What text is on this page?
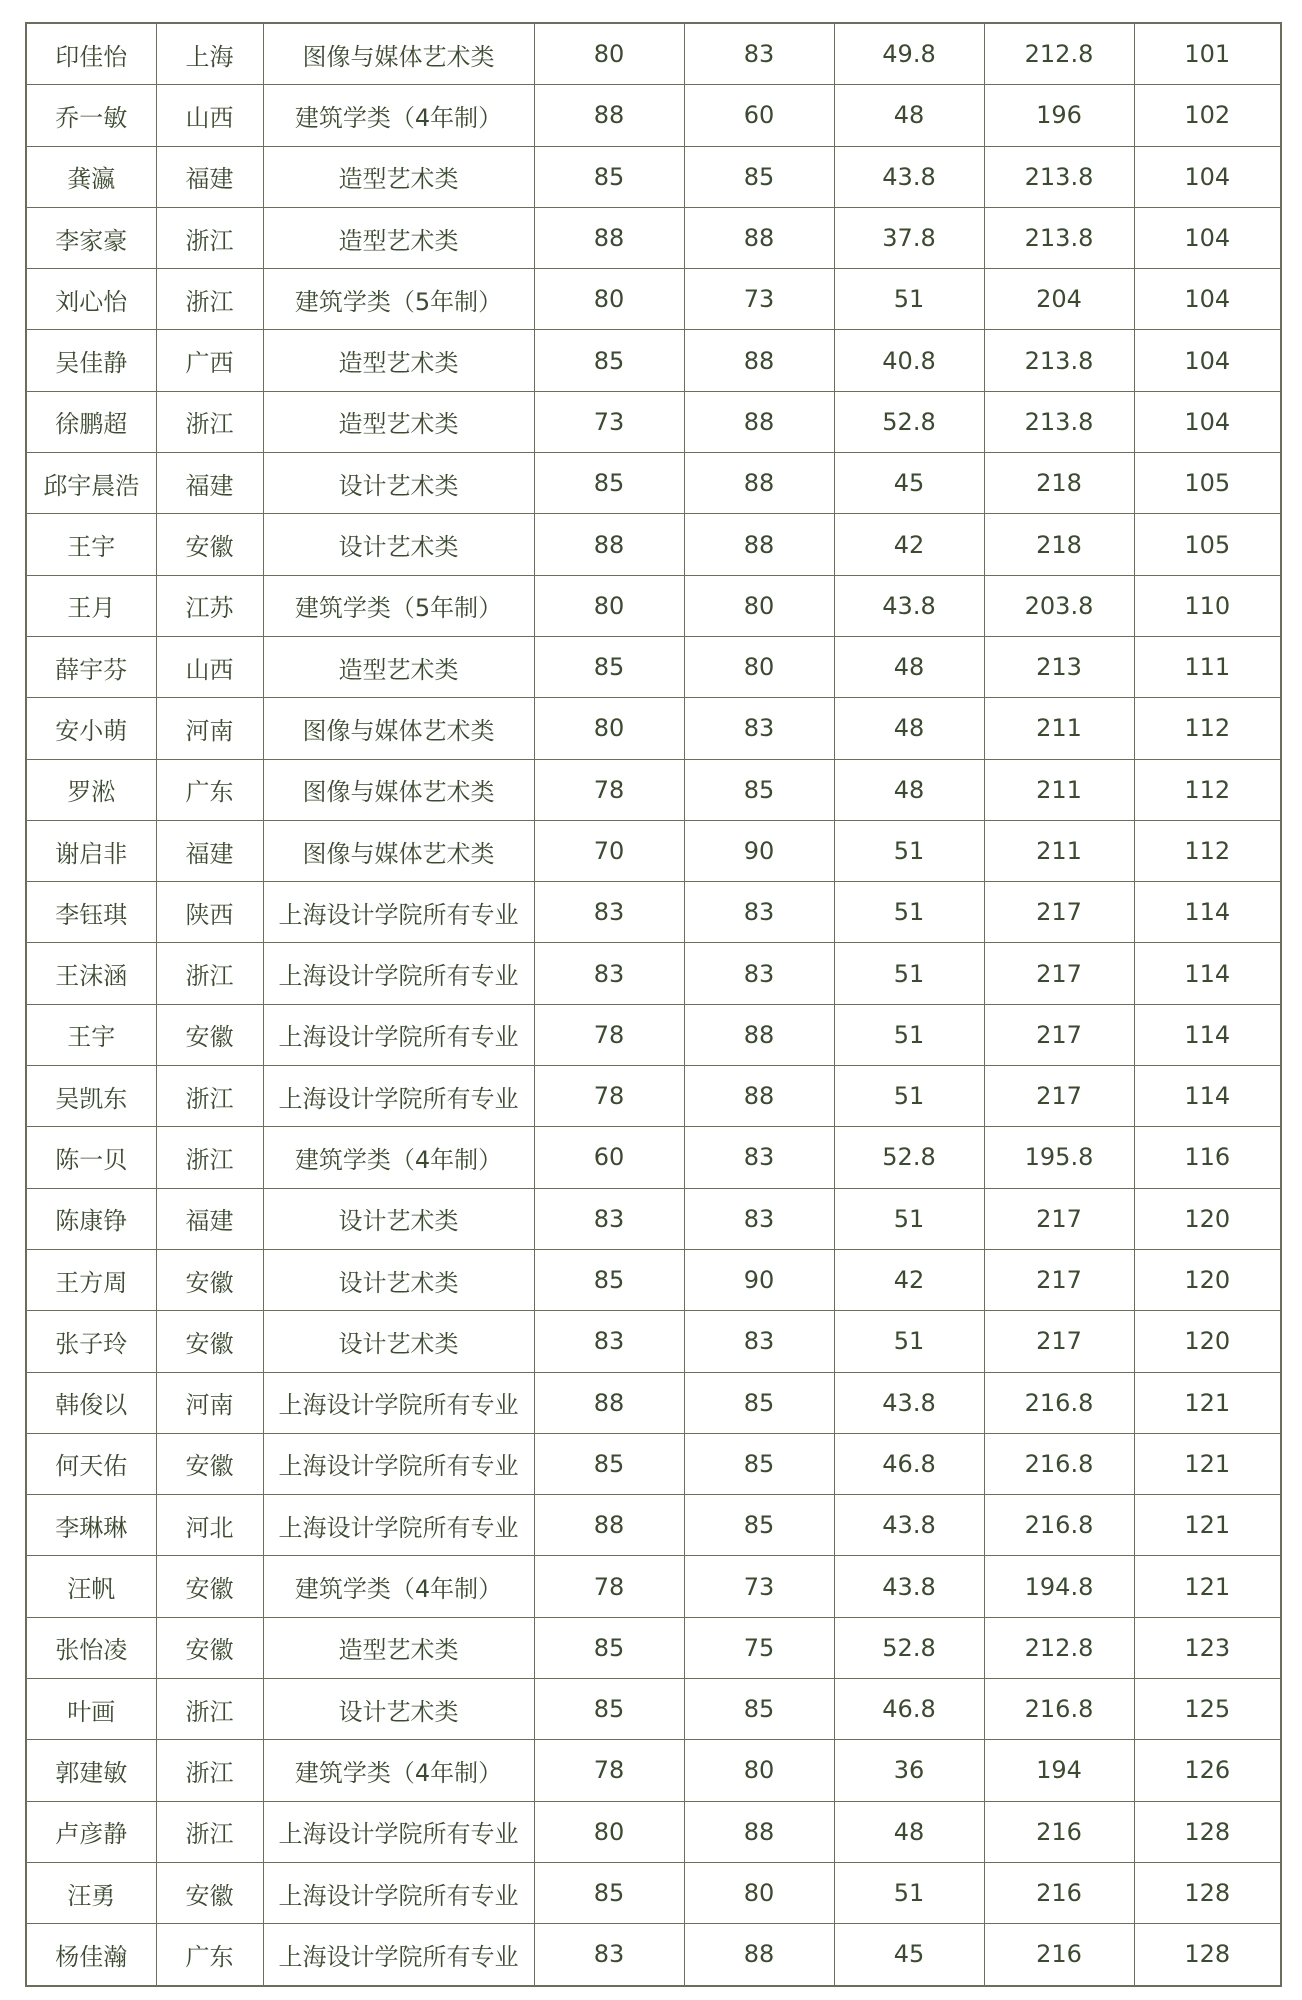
印佳怡	上海	图像与媒体艺术类	80	83	49.8	212.8	101
乔一敏	山西	建筑学类（4年制）	88	60	48	196	102
龚瀛	福建	造型艺术类	85	85	43.8	213.8	104
李家豪	浙江	造型艺术类	88	88	37.8	213.8	104
刘心怡	浙江	建筑学类（5年制）	80	73	51	204	104
吴佳静	广西	造型艺术类	85	88	40.8	213.8	104
徐鹏超	浙江	造型艺术类	73	88	52.8	213.8	104
邱宇晨浩	福建	设计艺术类	85	88	45	218	105
王宇	安徽	设计艺术类	88	88	42	218	105
王月	江苏	建筑学类（5年制）	80	80	43.8	203.8	110
薛宇芬	山西	造型艺术类	85	80	48	213	111
安小萌	河南	图像与媒体艺术类	80	83	48	211	112
罗淞	广东	图像与媒体艺术类	78	85	48	211	112
谢启非	福建	图像与媒体艺术类	70	90	51	211	112
李钰琪	陕西	上海设计学院所有专业	83	83	51	217	114
王沫涵	浙江	上海设计学院所有专业	83	83	51	217	114
王宇	安徽	上海设计学院所有专业	78	88	51	217	114
吴凯东	浙江	上海设计学院所有专业	78	88	51	217	114
陈一贝	浙江	建筑学类（4年制）	60	83	52.8	195.8	116
陈康铮	福建	设计艺术类	83	83	51	217	120
王方周	安徽	设计艺术类	85	90	42	217	120
张子玲	安徽	设计艺术类	83	83	51	217	120
韩俊以	河南	上海设计学院所有专业	88	85	43.8	216.8	121
何天佑	安徽	上海设计学院所有专业	85	85	46.8	216.8	121
李琳琳	河北	上海设计学院所有专业	88	85	43.8	216.8	121
汪帆	安徽	建筑学类（4年制）	78	73	43.8	194.8	121
张怡凌	安徽	造型艺术类	85	75	52.8	212.8	123
叶画	浙江	设计艺术类	85	85	46.8	216.8	125
郭建敏	浙江	建筑学类（4年制）	78	80	36	194	126
卢彦静	浙江	上海设计学院所有专业	80	88	48	216	128
汪勇	安徽	上海设计学院所有专业	85	80	51	216	128
杨佳瀚	广东	上海设计学院所有专业	83	88	45	216	128
